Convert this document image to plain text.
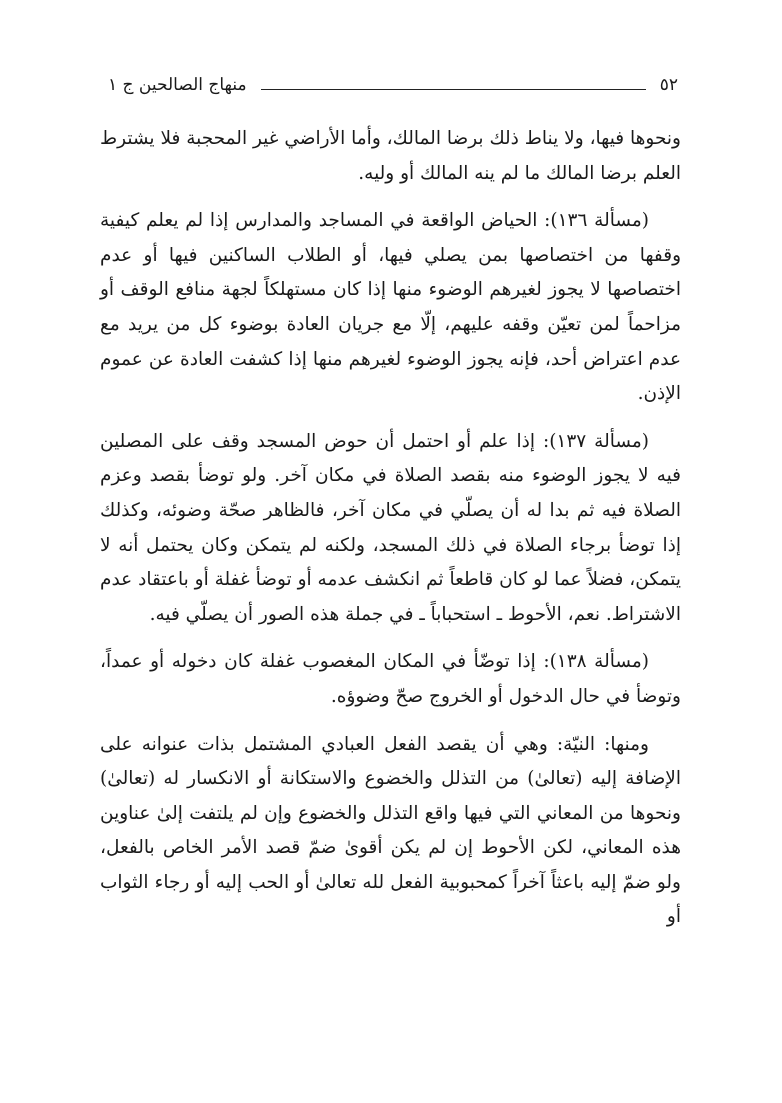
٥٢
منهاج الصالحين ج ١

ونحوها فيها، ولا يناط ذلك برضا المالك، وأما الأراضي غير المحجبة فلا يشترط العلم برضا المالك ما لم ينه المالك أو وليه.

(مسألة ١٣٦): الحياض الواقعة في المساجد والمدارس إذا لم يعلم كيفية وقفها من اختصاصها بمن يصلي فيها، أو الطلاب الساكنين فيها أو عدم اختصاصها لا يجوز لغيرهم الوضوء منها إذا كان مستهلكاً لجهة منافع الوقف أو مزاحماً لمن تعيّن وقفه عليهم، إلّا مع جريان العادة بوضوء كل من يريد مع عدم اعتراض أحد، فإنه يجوز الوضوء لغيرهم منها إذا كشفت العادة عن عموم الإذن.

(مسألة ١٣٧): إذا علم أو احتمل أن حوض المسجد وقف على المصلين فيه لا يجوز الوضوء منه بقصد الصلاة في مكان آخر. ولو توضأ بقصد وعزم الصلاة فيه ثم بدا له أن يصلّي في مكان آخر، فالظاهر صحّة وضوئه، وكذلك إذا توضأ برجاء الصلاة في ذلك المسجد، ولكنه لم يتمكن وكان يحتمل أنه لا يتمكن، فضلاً عما لو كان قاطعاً ثم انكشف عدمه أو توضأ غفلة أو باعتقاد عدم الاشتراط. نعم، الأحوط ـ استحباباً ـ في جملة هذه الصور أن يصلّي فيه.

(مسألة ١٣٨): إذا توضّأ في المكان المغصوب غفلة كان دخوله أو عمداً، وتوضأ في حال الدخول أو الخروج صحّ وضوؤه.

ومنها: النيّة: وهي أن يقصد الفعل العبادي المشتمل بذات عنوانه على الإضافة إليه (تعالىٰ) من التذلل والخضوع والاستكانة أو الانكسار له (تعالىٰ) ونحوها من المعاني التي فيها واقع التذلل والخضوع وإن لم يلتفت إلىٰ عناوين هذه المعاني، لكن الأحوط إن لم يكن أقوىٰ ضمّ قصد الأمر الخاص بالفعل، ولو ضمّ إليه باعثاً آخراً كمحبوبية الفعل لله تعالىٰ أو الحب إليه أو رجاء الثواب أو
